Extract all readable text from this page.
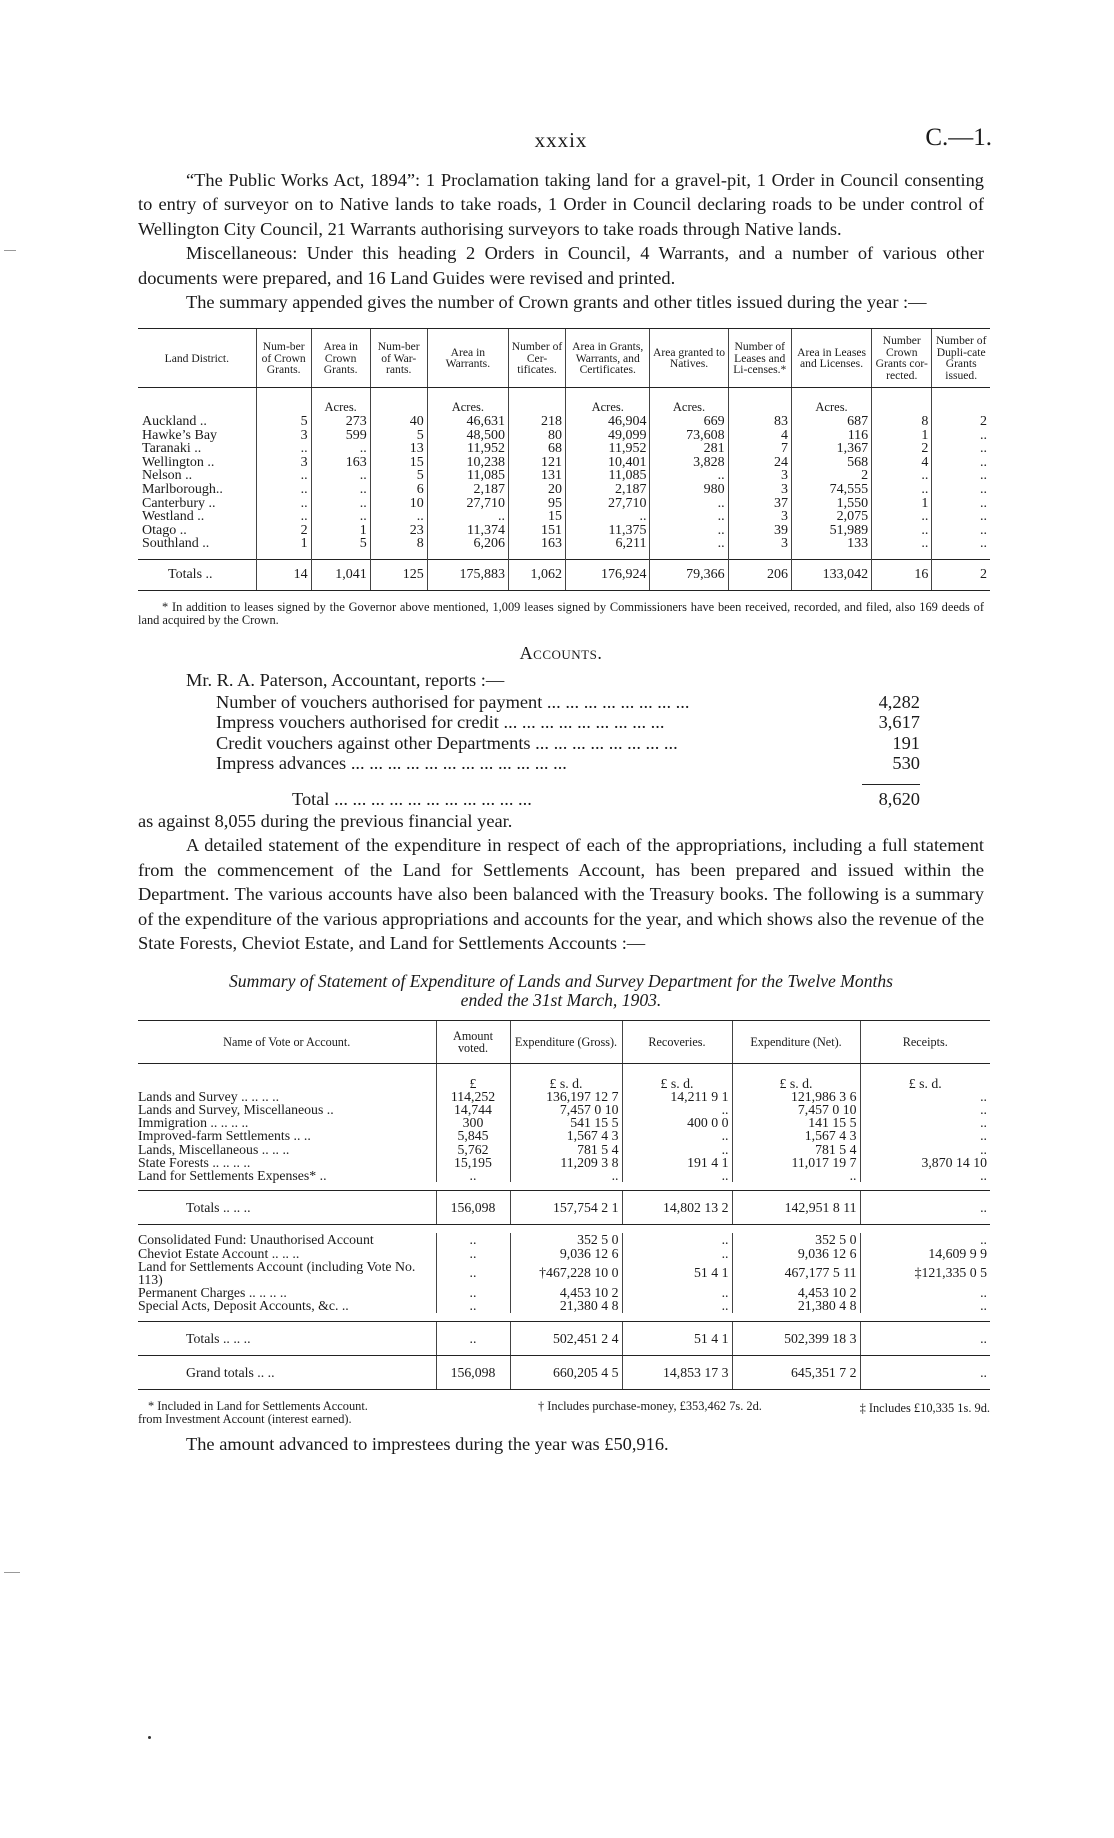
xxxix	C.—1.

“The Public Works Act, 1894”: 1 Proclamation taking land for a gravel-pit, 1 Order in Council consenting to entry of surveyor on to Native lands to take roads, 1 Order in Council declaring roads to be under control of Wellington City Council, 21 Warrants authorising surveyors to take roads through Native lands.

Miscellaneous: Under this heading 2 Orders in Council, 4 Warrants, and a number of various other documents were prepared, and 16 Land Guides were revised and printed.

The summary appended gives the number of Crown grants and other titles issued during the year :—

Land District.	Num-ber of Crown Grants.	Area in Crown Grants.	Num-ber of War-rants.	Area in Warrants.	Number of Cer-tificates.	Area in Grants, Warrants, and Certificates.	Area granted to Natives.	Number of Leases and Li-censes.*	Area in Leases and Licenses.	Number Crown Grants cor-rected.	Number of Dupli-cate Grants issued.
		Acres.		Acres.		Acres.	Acres.		Acres.		
Auckland ..	5	273	40	46,631	218	46,904	669	83	687	8	2
Hawke’s Bay	3	599	5	48,500	80	49,099	73,608	4	116	1	..
Taranaki ..	..	..	13	11,952	68	11,952	281	7	1,367	2	..
Wellington ..	3	163	15	10,238	121	10,401	3,828	24	568	4	..
Nelson ..	..	..	5	11,085	131	11,085	..	3	2	..	..
Marlborough..	..	..	6	2,187	20	2,187	980	3	74,555	..	..
Canterbury ..	..	..	10	27,710	95	27,710	..	37	1,550	1	..
Westland ..	..	..	..	..	15	..	..	3	2,075	..	..
Otago ..	2	1	23	11,374	151	11,375	..	39	51,989	..	..
Southland ..	1	5	8	6,206	163	6,211	..	3	133	..	..
Totals ..	14	1,041	125	175,883	1,062	176,924	79,366	206	133,042	16	2
* In addition to leases signed by the Governor above mentioned, 1,009 leases signed by Commissioners have been received, recorded, and filed, also 169 deeds of land acquired by the Crown.
Accounts.
Mr. R. A. Paterson, Accountant, reports :—
Number of vouchers authorised for payment ... ... ... ... ... ... ... ...	4,282
Impress vouchers authorised for credit ... ... ... ... ... ... ... ... ...	3,617
Credit vouchers against other Departments ... ... ... ... ... ... ... ...	191
Impress advances ... ... ... ... ... ... ... ... ... ... ... ...	530
Total ... ... ... ... ... ... ... ... ... ... ...	8,620

as against 8,055 during the previous financial year.

A detailed statement of the expenditure in respect of each of the appropriations, including a full statement from the commencement of the Land for Settlements Account, has been prepared and issued within the Department. The various accounts have also been balanced with the Treasury books. The following is a summary of the expenditure of the various appropriations and accounts for the year, and which shows also the revenue of the State Forests, Cheviot Estate, and Land for Settlements Accounts :—

Summary of Statement of Expenditure of Lands and Survey Department for the Twelve Months
ended the 31st March, 1903.
Name of Vote or Account.	Amount voted.	Expenditure (Gross).	Recoveries.	Expenditure (Net).	Receipts.
	£	£ s. d.	£ s. d.	£ s. d.	£ s. d.
Lands and Survey .. .. .. ..	114,252	136,197 12 7	14,211 9 1	121,986 3 6	..
Lands and Survey, Miscellaneous ..	14,744	7,457 0 10	..	7,457 0 10	..
Immigration .. .. .. ..	300	541 15 5	400 0 0	141 15 5	..
Improved-farm Settlements .. ..	5,845	1,567 4 3	..	1,567 4 3	..
Lands, Miscellaneous .. .. ..	5,762	781 5 4	..	781 5 4	..
State Forests .. .. .. ..	15,195	11,209 3 8	191 4 1	11,017 19 7	3,870 14 10
Land for Settlements Expenses* ..	..	..	..	..	..

Totals .. .. ..	156,098	157,754 2 1	14,802 13 2	142,951 8 11	..

Consolidated Fund: Unauthorised Account	..	352 5 0	..	352 5 0	..
Cheviot Estate Account .. .. ..	..	9,036 12 6	..	9,036 12 6	14,609 9 9
Land for Settlements Account (including Vote No. 113)	..	†467,228 10 0	51 4 1	467,177 5 11	‡121,335 0 5
Permanent Charges .. .. .. ..	..	4,453 10 2	..	4,453 10 2	..
Special Acts, Deposit Accounts, &c. ..	..	21,380 4 8	..	21,380 4 8	..

Totals .. .. ..	..	502,451 2 4	51 4 1	502,399 18 3	..
Grand totals .. ..	156,098	660,205 4 5	14,853 17 3	645,351 7 2	..
* Included in Land for Settlements Account.	† Includes purchase-money, £353,462 7s. 2d.	‡ Includes £10,335 1s. 9d.
from Investment Account (interest earned).
The amount advanced to imprestees during the year was £50,916.
